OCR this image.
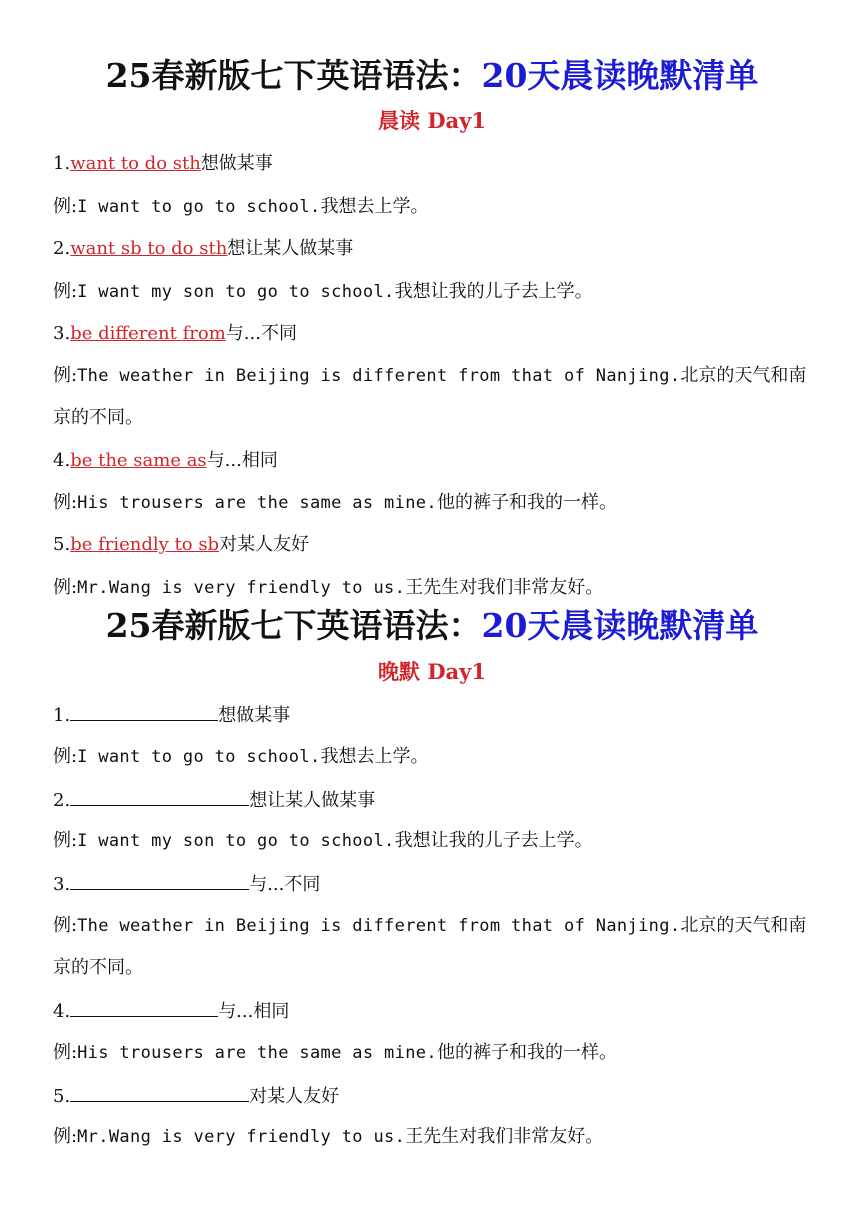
25春新版七下英语语法：20天晨读晚默清单
晨读 Day1
1.want to do sth想做某事
例:I want to go to school.我想去上学。
2.want sb to do sth想让某人做某事
例:I want my son to go to school.我想让我的儿子去上学。
3.be different from与...不同
例:The weather in Beijing is different from that of Nanjing.北京的天气和南
京的不同。
4.be the same as与...相同
例:His trousers are the same as mine.他的裤子和我的一样。
5.be friendly to sb对某人友好
例:Mr.Wang is very friendly to us.王先生对我们非常友好。
25春新版七下英语语法：20天晨读晚默清单
晚默 Day1
1.	想做某事
例:I want to go to school.我想去上学。
2.	想让某人做某事
例:I want my son to go to school.我想让我的儿子去上学。
3.	与...不同
例:The weather in Beijing is different from that of Nanjing.北京的天气和南
京的不同。
4.	与...相同
例:His trousers are the same as mine.他的裤子和我的一样。
5.	对某人友好
例:Mr.Wang is very friendly to us.王先生对我们非常友好。
